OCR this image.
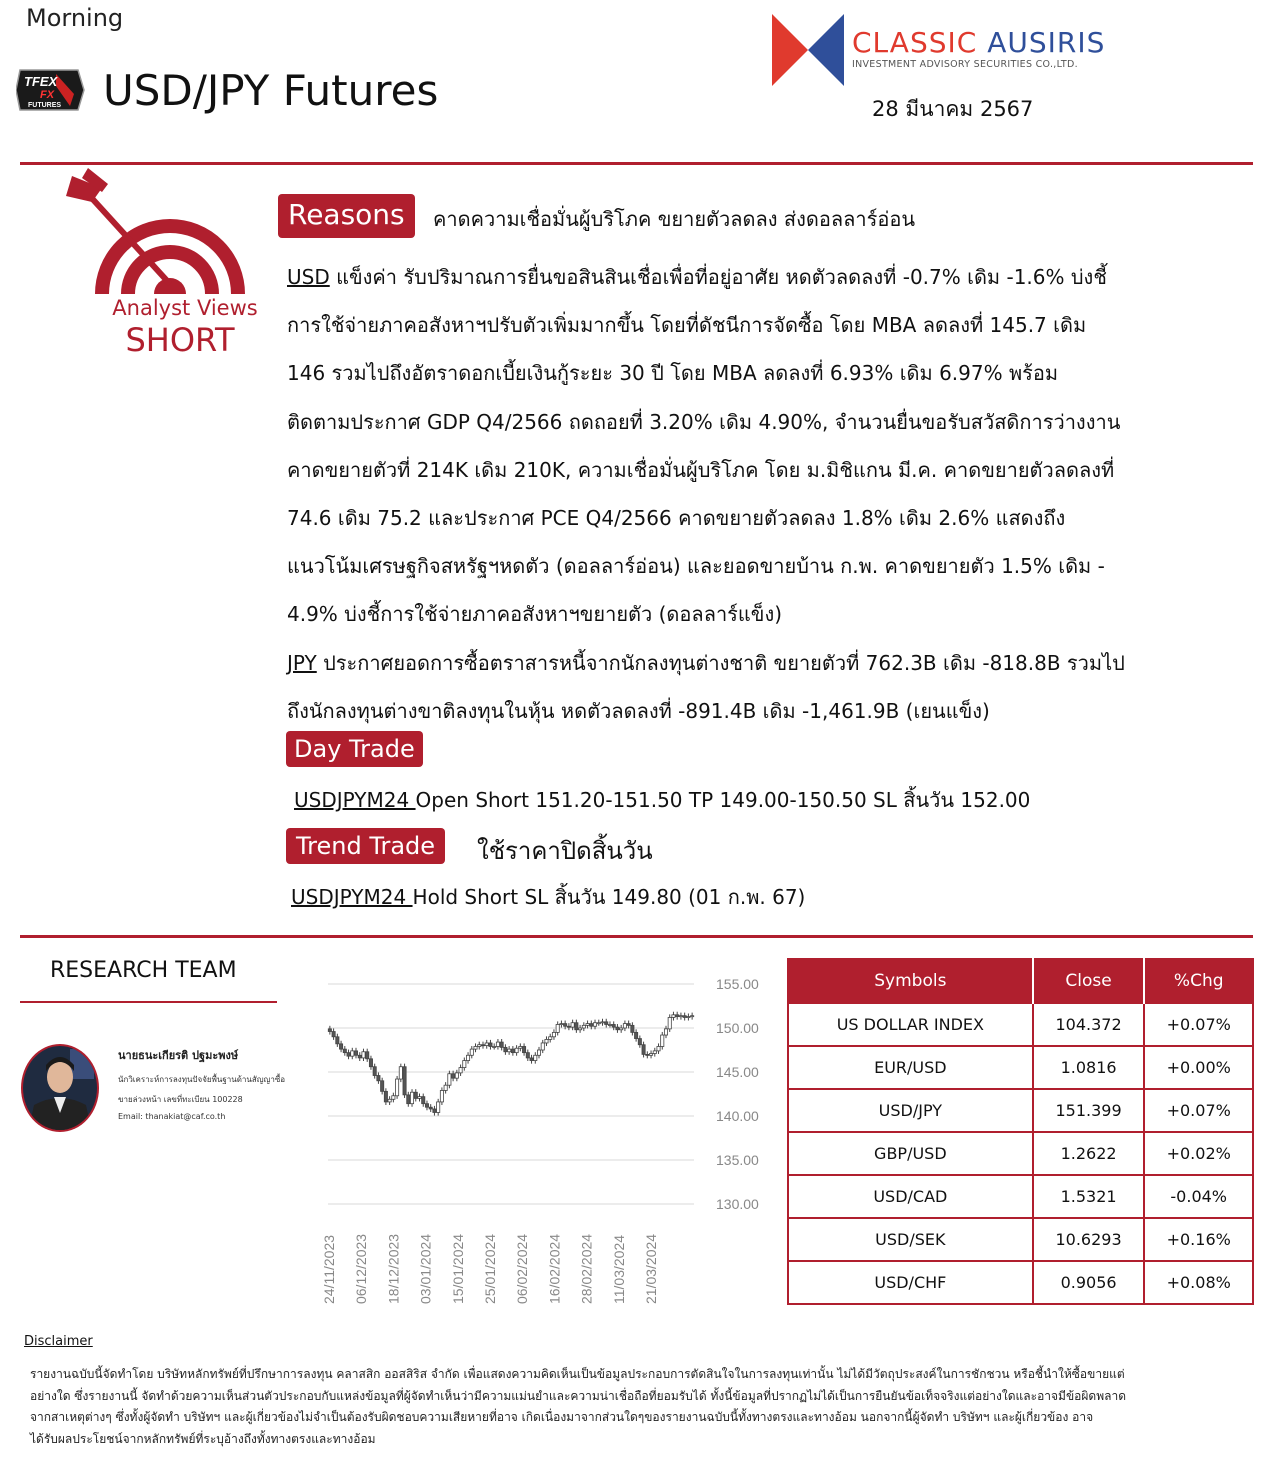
Morning
TFEX
FX
FUTURES USD/JPY Futures
CLASSIC AUSIRIS
INVESTMENT ADVISORY SECURITIES CO.,LTD.
28 มีนาคม 2567
Analyst Views
SHORT
Reasons	คาดความเชื่อมั่นผู้บริโภค ขยายตัวลดลง ส่งดอลลาร์อ่อน

USD แข็งค่า รับปริมาณการยื่นขอสินสินเชื่อเพื่อที่อยู่อาศัย หดตัวลดลงที่ -0.7% เดิม -1.6% บ่งชี้

การใช้จ่ายภาคอสังหาฯปรับตัวเพิ่มมากขึ้น โดยที่ดัชนีการจัดซื้อ โดย MBA ลดลงที่ 145.7 เดิม

146 รวมไปถึงอัตราดอกเบี้ยเงินกู้ระยะ 30 ปี โดย MBA ลดลงที่ 6.93% เดิม 6.97% พร้อม

ติดตามประกาศ GDP Q4/2566 ถดถอยที่ 3.20% เดิม 4.90%, จำนวนยื่นขอรับสวัสดิการว่างงาน

คาดขยายตัวที่ 214K เดิม 210K, ความเชื่อมั่นผู้บริโภค โดย ม.มิชิแกน มี.ค. คาดขยายตัวลดลงที่

74.6 เดิม 75.2 และประกาศ PCE Q4/2566 คาดขยายตัวลดลง 1.8% เดิม 2.6% แสดงถึง

แนวโน้มเศรษฐกิจสหรัฐฯหดตัว (ดอลลาร์อ่อน) และยอดขายบ้าน ก.พ. คาดขยายตัว 1.5% เดิม -

4.9% บ่งชี้การใช้จ่ายภาคอสังหาฯขยายตัว (ดอลลาร์แข็ง)

JPY ประกาศยอดการซื้อตราสารหนี้จากนักลงทุนต่างชาติ ขยายตัวที่ 762.3B เดิม -818.8B รวมไป

ถึงนักลงทุนต่างขาติลงทุนในหุ้น หดตัวลดลงที่ -891.4B เดิม -1,461.9B (เยนแข็ง)

Day Trade
USDJPYM24 Open Short 151.20-151.50 TP 149.00-150.50 SL สิ้นวัน 152.00
Trend Trade	ใช้ราคาปิดสิ้นวัน
USDJPYM24 Hold Short SL สิ้นวัน 149.80 (01 ก.พ. 67)
RESEARCH TEAM
นายธนะเกียรติ ปฐมะพงษ์
นักวิเคราะห์การลงทุนปัจจัยพื้นฐานด้านสัญญาซื้อ
ขายล่วงหน้า เลขที่ทะเบียน 100228
Email: thanakiat@caf.co.th
155.00
150.00
145.00
140.00
135.00
130.00
24/11/2023 06/12/2023 18/12/2023 03/01/2024 15/01/2024 25/01/2024 06/02/2024 16/02/2024 28/02/2024 11/03/2024 21/03/2024
Symbols	Close	%Chg
US DOLLAR INDEX	104.372	+0.07%
EUR/USD	1.0816	+0.00%
USD/JPY	151.399	+0.07%
GBP/USD	1.2622	+0.02%
USD/CAD	1.5321	-0.04%
USD/SEK	10.6293	+0.16%
USD/CHF	0.9056	+0.08%
Disclaimer

รายงานฉบับนี้จัดทำโดย บริษัทหลักทรัพย์ที่ปรึกษาการลงทุน คลาสสิก ออสสิริส จำกัด เพื่อแสดงความคิดเห็นเป็นข้อมูลประกอบการตัดสินใจในการลงทุนเท่านั้น ไม่ได้มีวัตถุประสงค์ในการชักชวน หรือชี้นำให้ซื้อขายแต่

อย่างใด ซึ่งรายงานนี้ จัดทำด้วยความเห็นส่วนตัวประกอบกับแหล่งข้อมูลที่ผู้จัดทำเห็นว่ามีความแม่นยำและความน่าเชื่อถือที่ยอมรับได้ ทั้งนี้ข้อมูลที่ปรากฏไม่ได้เป็นการยืนยันข้อเท็จจริงแต่อย่างใดและอาจมีข้อผิดพลาด

จากสาเหตุต่างๆ ซึ่งทั้งผู้จัดทำ บริษัทฯ และผู้เกี่ยวข้องไม่จำเป็นต้องรับผิดชอบความเสียหายที่อาจ เกิดเนื่องมาจากส่วนใดๆของรายงานฉบับนี้ทั้งทางตรงและทางอ้อม นอกจากนี้ผู้จัดทำ บริษัทฯ และผู้เกี่ยวข้อง อาจ

ได้รับผลประโยชน์จากหลักทรัพย์ที่ระบุอ้างถึงทั้งทางตรงและทางอ้อม
